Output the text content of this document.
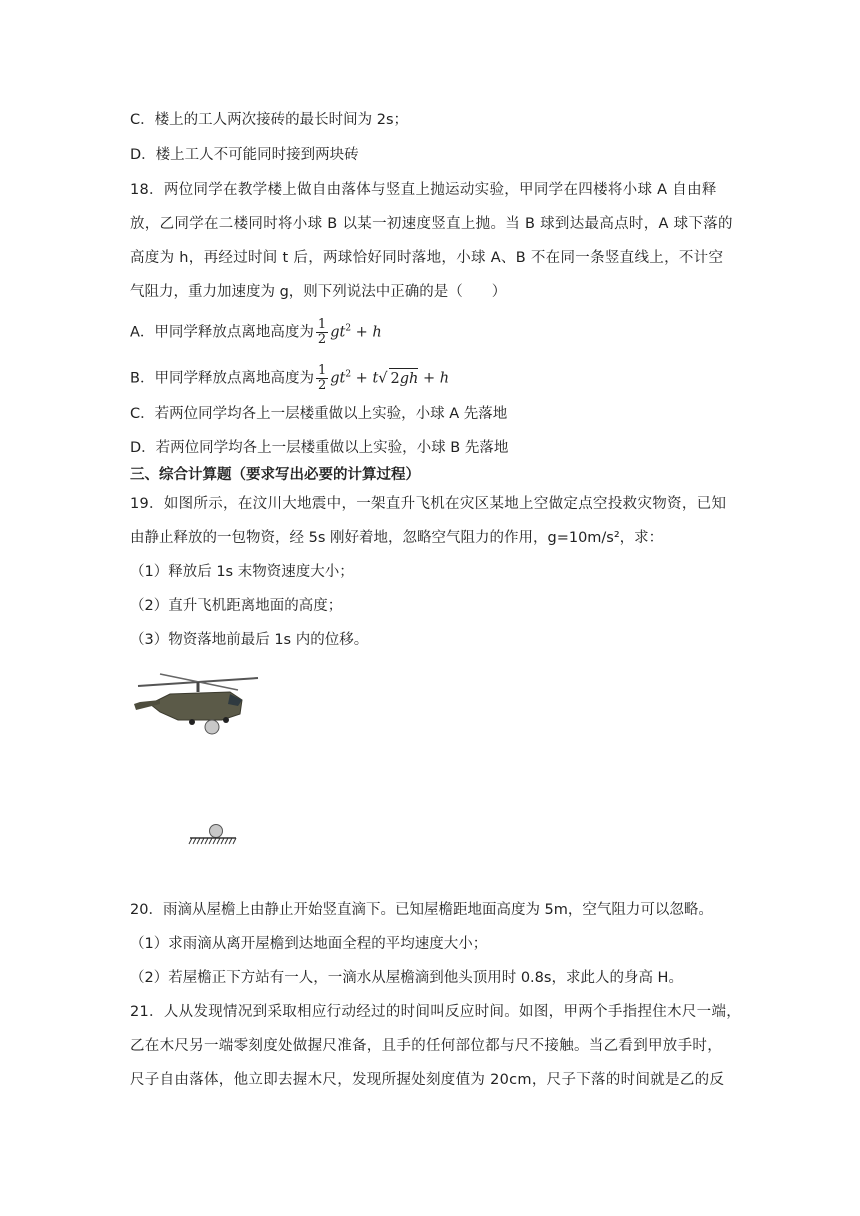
C．楼上的工人两次接砖的最长时间为 2s；
D．楼上工人不可能同时接到两块砖
18．两位同学在教学楼上做自由落体与竖直上抛运动实验，甲同学在四楼将小球 A 自由释
放，乙同学在二楼同时将小球 B 以某一初速度竖直上抛。当 B 球到达最高点时，A 球下落的
高度为 h，再经过时间 t 后，两球恰好同时落地，小球 A、B 不在同一条竖直线上，不计空
气阻力，重力加速度为 g，则下列说法中正确的是（　　）
A．甲同学释放点离地高度为 $\frac{1}{2} gt^2 + h$
B．甲同学释放点离地高度为 $\frac{1}{2} gt^2 + t√$ 2gh + h
C．若两位同学均各上一层楼重做以上实验，小球 A 先落地
D．若两位同学均各上一层楼重做以上实验，小球 B 先落地
三、综合计算题（要求写出必要的计算过程）
19．如图所示，在汶川大地震中，一架直升飞机在灾区某地上空做定点空投救灾物资，已知
由静止释放的一包物资，经 5s 刚好着地，忽略空气阻力的作用，g=10m/s²，求：
（1）释放后 1s 末物资速度大小；
（2）直升飞机距离地面的高度；
（3）物资落地前最后 1s 内的位移。
20．雨滴从屋檐上由静止开始竖直滴下。已知屋檐距地面高度为 5m，空气阻力可以忽略。
（1）求雨滴从离开屋檐到达地面全程的平均速度大小；
（2）若屋檐正下方站有一人，一滴水从屋檐滴到他头顶用时 0.8s，求此人的身高 H。
21．人从发现情况到采取相应行动经过的时间叫反应时间。如图，甲两个手指捏住木尺一端，
乙在木尺另一端零刻度处做握尺准备，且手的任何部位都与尺不接触。当乙看到甲放手时，
尺子自由落体，他立即去握木尺，发现所握处刻度值为 20cm，尺子下落的时间就是乙的反
